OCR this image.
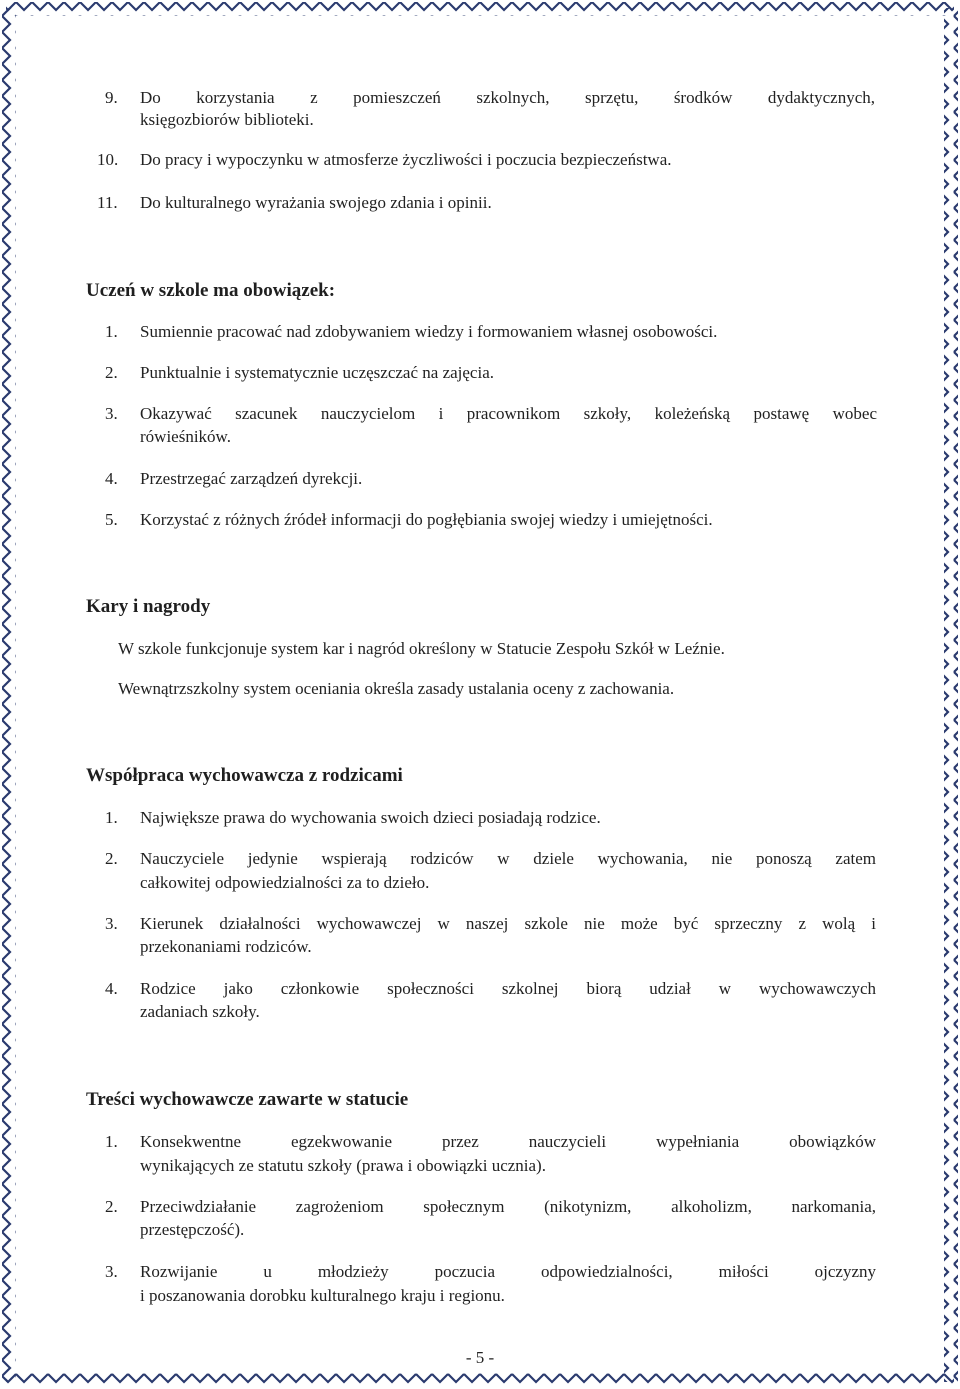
9. Do korzystania z pomieszczeń szkolnych, sprzętu, środków dydaktycznych,
księgozbiorów biblioteki.
10. Do pracy i wypoczynku w atmosferze życzliwości i poczucia bezpieczeństwa.
11. Do kulturalnego wyrażania swojego zdania i opinii.
Uczeń w szkole ma obowiązek:
1. Sumiennie pracować nad zdobywaniem wiedzy i formowaniem własnej osobowości.
2. Punktualnie i systematycznie uczęszczać na zajęcia.
3. Okazywać szacunek nauczycielom i pracownikom szkoły, koleżeńską postawę wobec
rówieśników.
4. Przestrzegać zarządzeń dyrekcji.
5. Korzystać z różnych źródeł informacji do pogłębiania swojej wiedzy i umiejętności.
Kary i nagrody
W szkole funkcjonuje system kar i nagród określony w Statucie Zespołu Szkół w Leźnie.
Wewnątrzszkolny system oceniania określa zasady ustalania oceny z zachowania.
Współpraca wychowawcza z rodzicami
1. Największe prawa do wychowania swoich dzieci posiadają rodzice.
2. Nauczyciele jedynie wspierają rodziców w dziele wychowania, nie ponoszą zatem
całkowitej odpowiedzialności za to dzieło.
3. Kierunek działalności wychowawczej w naszej szkole nie może być sprzeczny z wolą i
przekonaniami rodziców.
4. Rodzice jako członkowie społeczności szkolnej biorą udział w wychowawczych
zadaniach szkoły.
Treści wychowawcze zawarte w statucie
1. Konsekwentne egzekwowanie przez nauczycieli wypełniania obowiązków
wynikających ze statutu szkoły (prawa i obowiązki ucznia).
2. Przeciwdziałanie zagrożeniom społecznym (nikotynizm, alkoholizm, narkomania,
przestępczość).
3. Rozwijanie u młodzieży poczucia odpowiedzialności, miłości ojczyzny
i poszanowania dorobku kulturalnego kraju i regionu.
- 5 -
